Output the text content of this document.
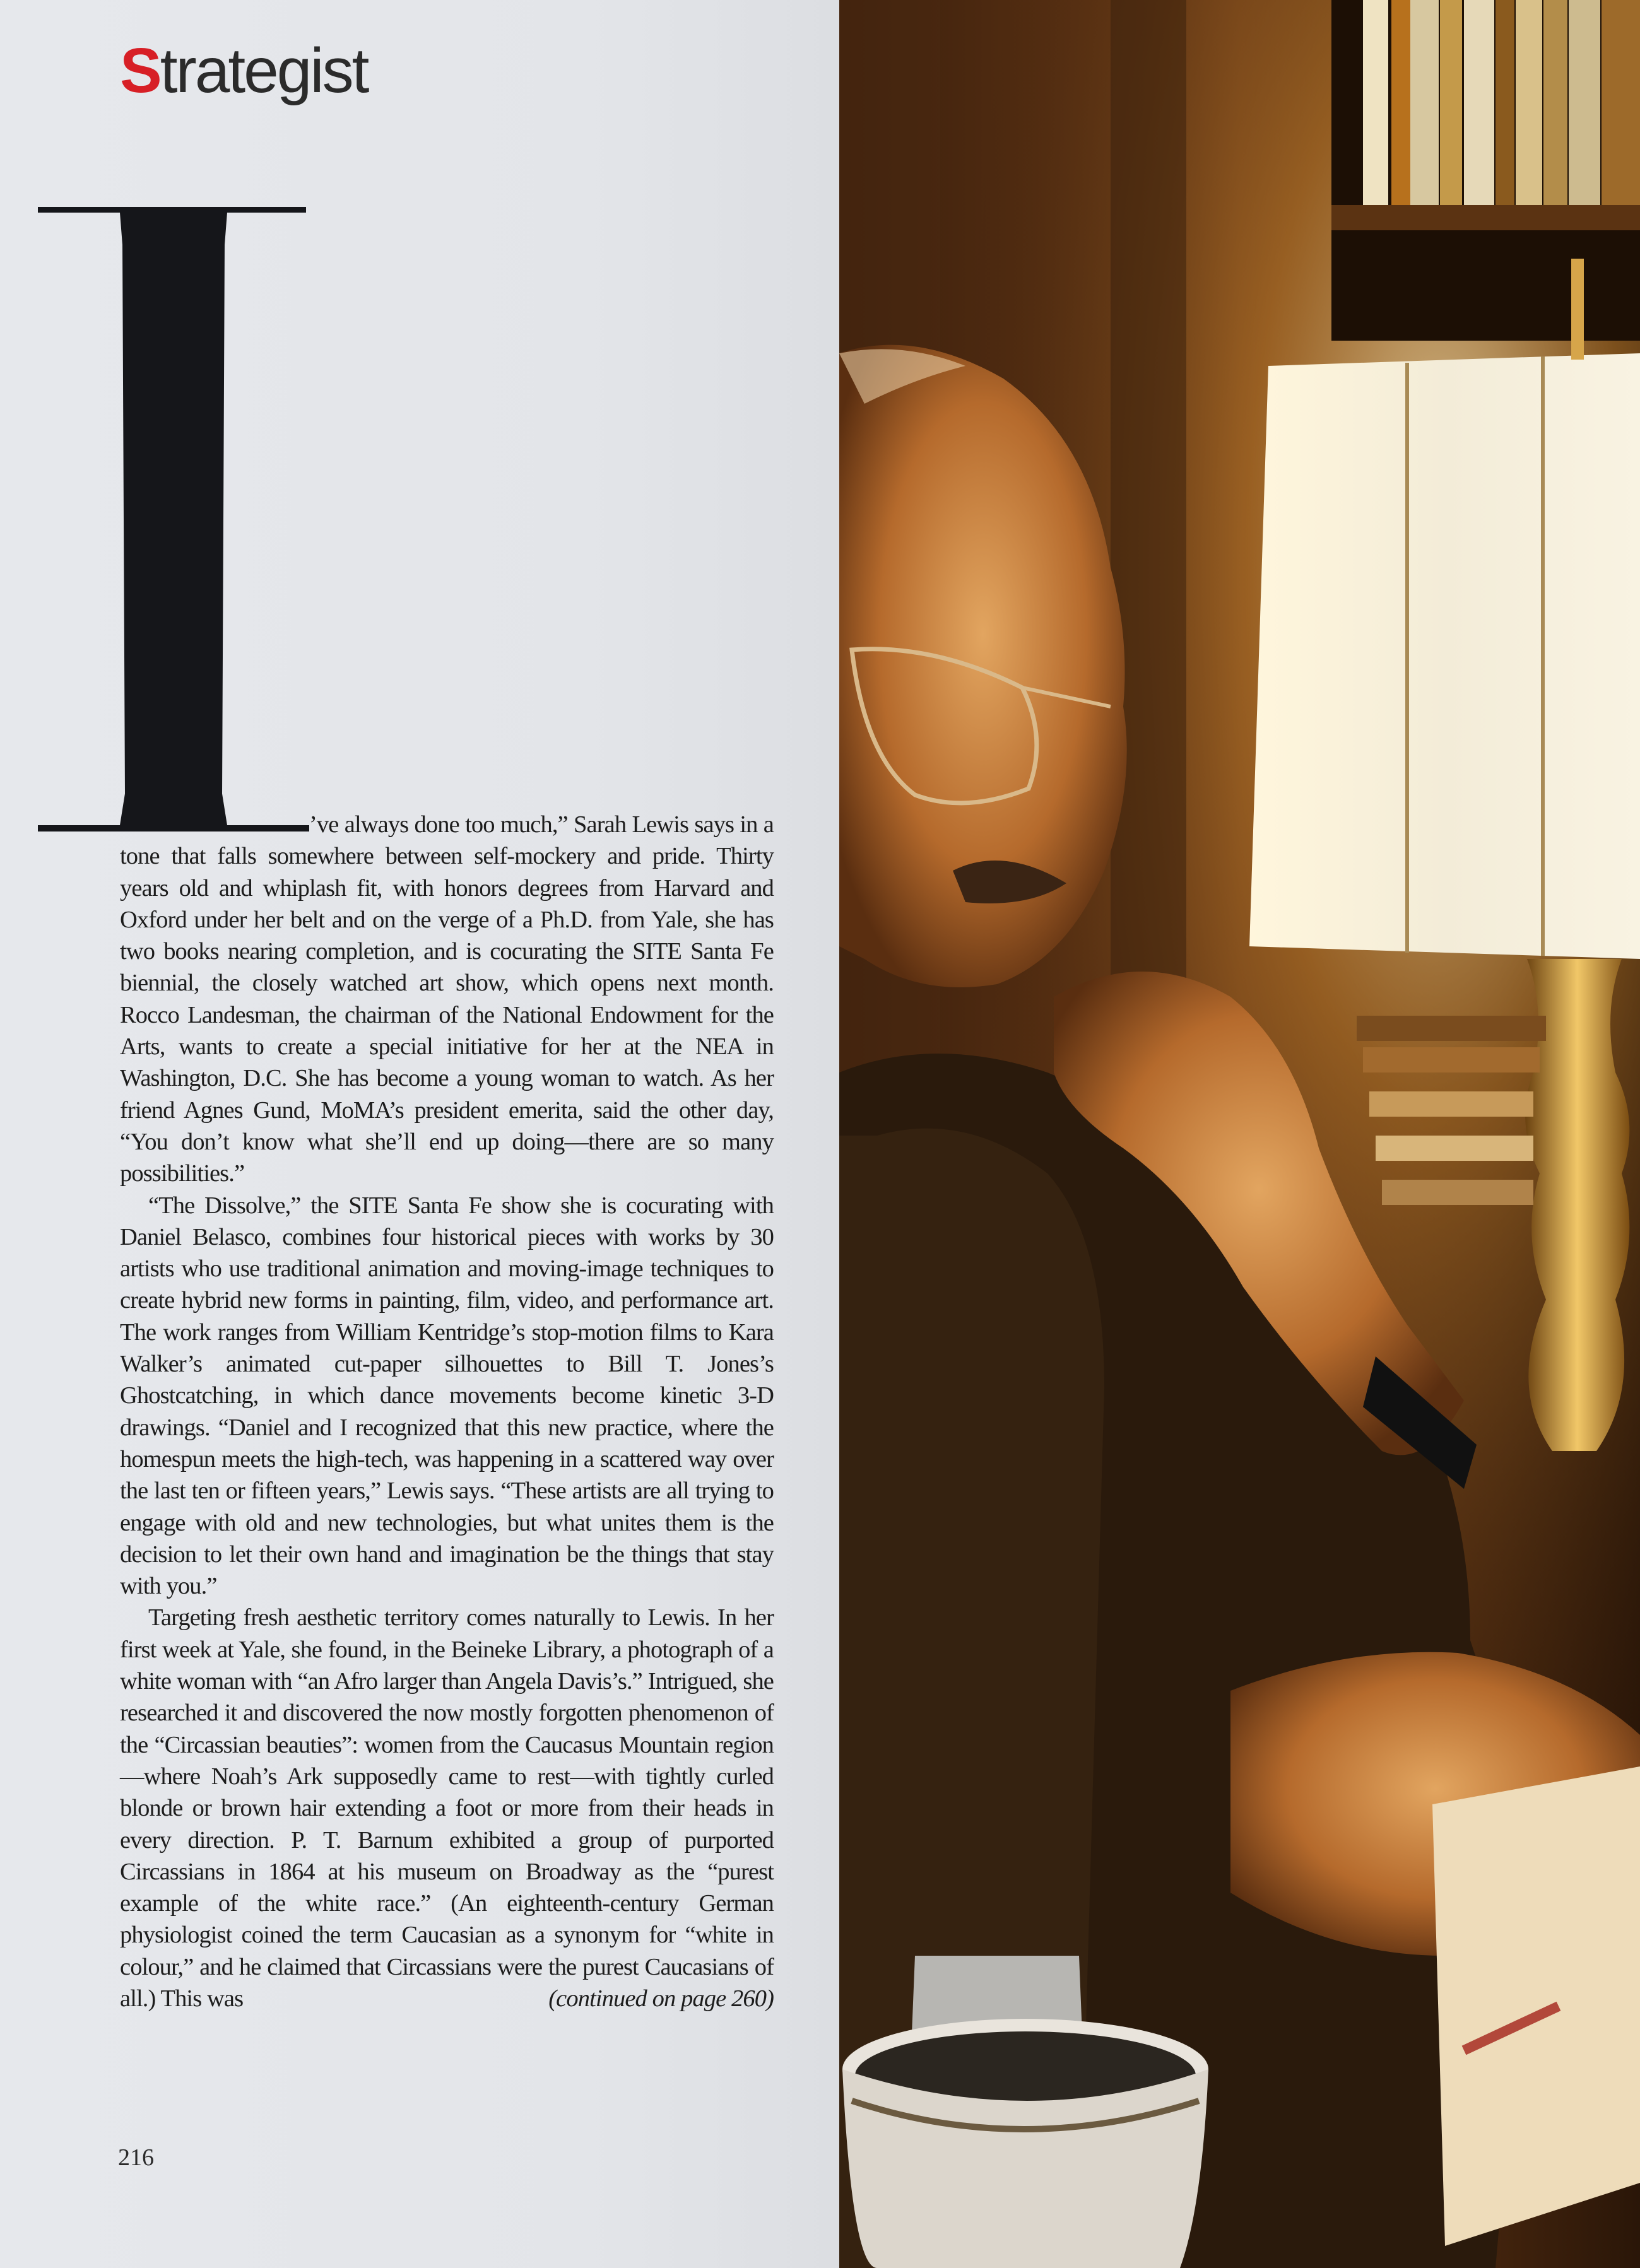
Strategist

’ve always done too much,” Sarah Lewis says in a tone that falls somewhere between self-mockery and pride. Thirty years old and whiplash fit, with honors degrees from Harvard and Oxford under her belt and on the verge of a Ph.D. from Yale, she has two books nearing completion, and is cocurating the SITE Santa Fe biennial, the closely watched art show, which opens next month. Rocco Landesman, the chairman of the National Endowment for the Arts, wants to create a special initiative for her at the NEA in Washington, D.C. She has become a young woman to watch. As her friend Agnes Gund, MoMA’s president emerita, said the other day, “You don’t know what she’ll end up doing—there are so many possibilities.”

“The Dissolve,” the SITE Santa Fe show she is cocurating with Daniel Belasco, combines four historical pieces with works by 30 artists who use traditional animation and moving-image techniques to create hybrid new forms in painting, film, video, and performance art. The work ranges from William Kentridge’s stop-motion films to Kara Walker’s animated cut-paper silhouettes to Bill T. Jones’s Ghostcatching, in which dance movements become kinetic 3-D drawings. “Daniel and I recognized that this new practice, where the homespun meets the high-tech, was happening in a scattered way over the last ten or fifteen years,” Lewis says. “These artists are all trying to engage with old and new technologies, but what unites them is the decision to let their own hand and imagination be the things that stay with you.”

Targeting fresh aesthetic territory comes naturally to Lewis. In her first week at Yale, she found, in the Beineke Library, a photograph of a white woman with “an Afro larger than Angela Davis’s.” Intrigued, she researched it and discovered the now mostly forgotten phenomenon of the “Circassian beauties”: women from the Caucasus Mountain region—where Noah’s Ark supposedly came to rest—with tightly curled blonde or brown hair extending a foot or more from their heads in every direction. P. T. Barnum exhibited a group of purported Circassians in 1864 at his museum on Broadway as the “purest example of the white race.” (An eighteenth-century German physiologist coined the term Caucasian as a synonym for “white in colour,” and he claimed that Circassians were the purest Caucasians of all.) This was	(continued on page 260)

216
